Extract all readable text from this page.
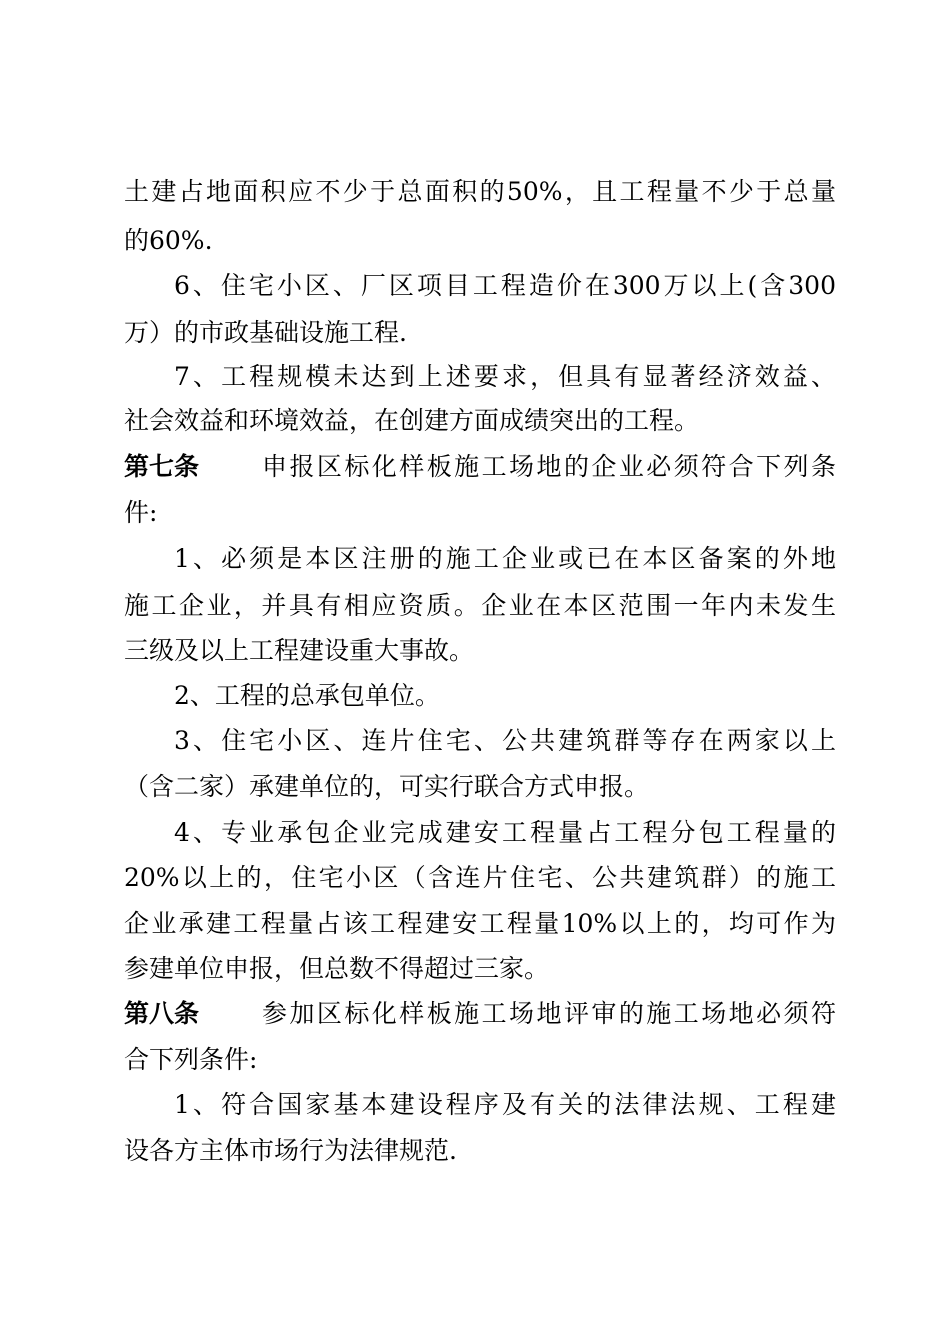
土建占地面积应不少于总面积的50%，且工程量不少于总量
的60%.
6、住宅小区、厂区项目工程造价在300万以上(含300
万）的市政基础设施工程.
7、工程规模未达到上述要求，但具有显著经济效益、
社会效益和环境效益，在创建方面成绩突出的工程。
第七条	申报区标化样板施工场地的企业必须符合下列条
件:
1、必须是本区注册的施工企业或已在本区备案的外地
施工企业，并具有相应资质。企业在本区范围一年内未发生
三级及以上工程建设重大事故。
2、工程的总承包单位。
3、住宅小区、连片住宅、公共建筑群等存在两家以上
（含二家）承建单位的，可实行联合方式申报。
4、专业承包企业完成建安工程量占工程分包工程量的
20%以上的，住宅小区（含连片住宅、公共建筑群）的施工
企业承建工程量占该工程建安工程量10%以上的，均可作为
参建单位申报，但总数不得超过三家。
第八条	参加区标化样板施工场地评审的施工场地必须符
合下列条件:
1、符合国家基本建设程序及有关的法律法规、工程建
设各方主体市场行为法律规范.
